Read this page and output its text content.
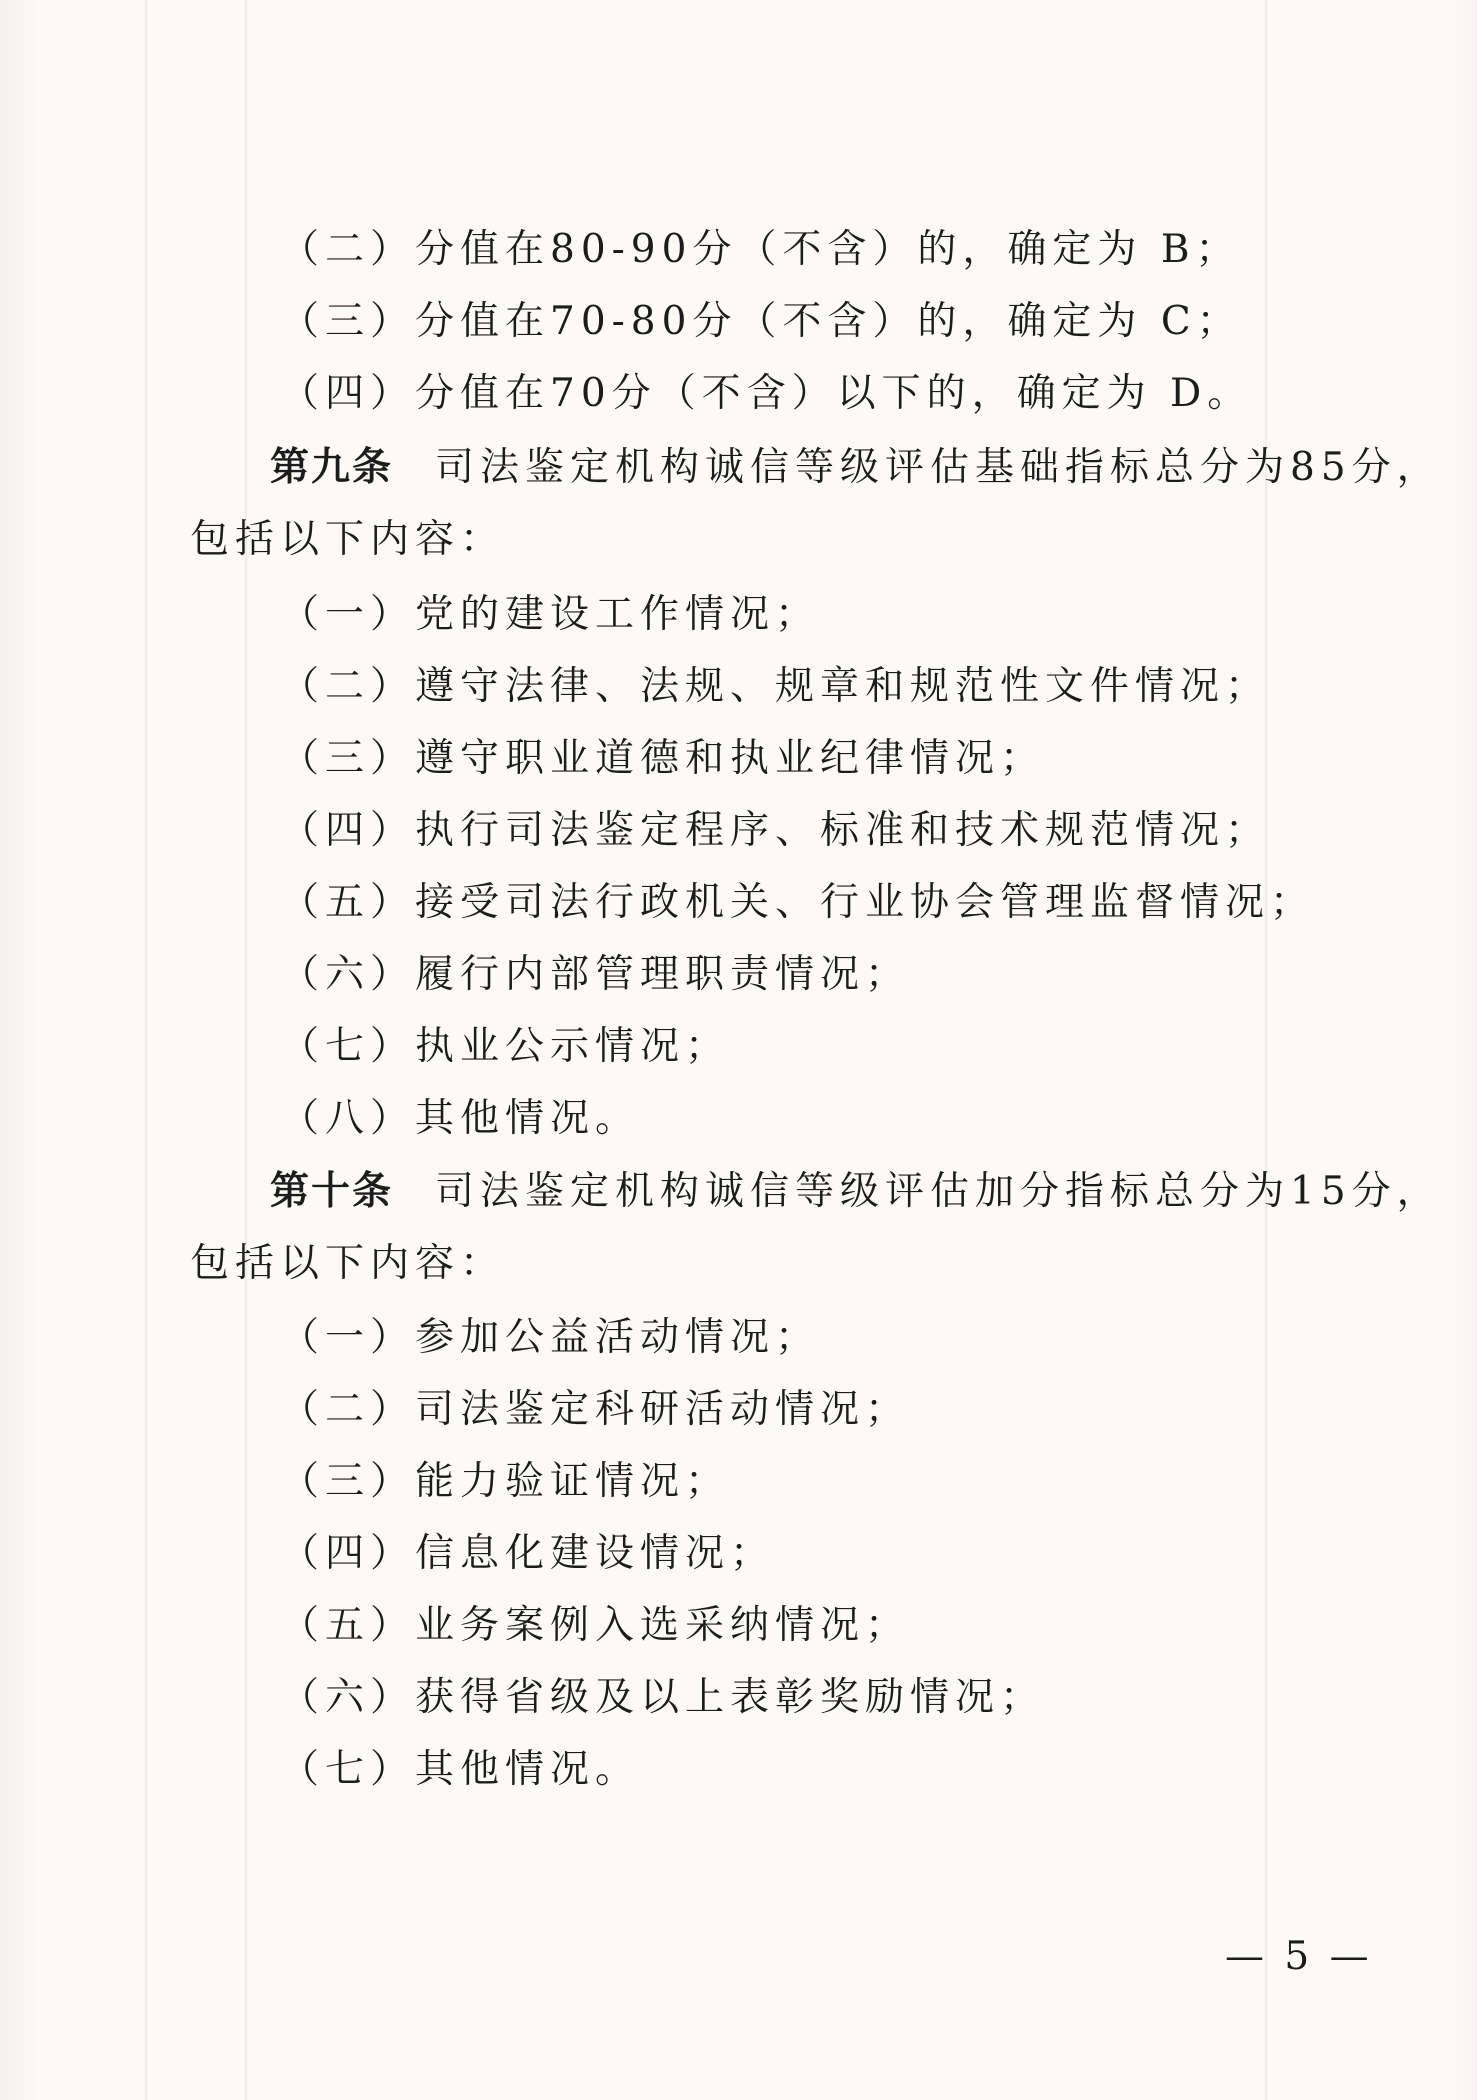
（二）分值在80-90分（不含）的，确定为 B；
（三）分值在70-80分（不含）的，确定为 C；
（四）分值在70分（不含）以下的，确定为 D。
第九条 司法鉴定机构诚信等级评估基础指标总分为85分，
包括以下内容：
（一）党的建设工作情况；
（二）遵守法律、法规、规章和规范性文件情况；
（三）遵守职业道德和执业纪律情况；
（四）执行司法鉴定程序、标准和技术规范情况；
（五）接受司法行政机关、行业协会管理监督情况；
（六）履行内部管理职责情况；
（七）执业公示情况；
（八）其他情况。
第十条 司法鉴定机构诚信等级评估加分指标总分为15分，
包括以下内容：
（一）参加公益活动情况；
（二）司法鉴定科研活动情况；
（三）能力验证情况；
（四）信息化建设情况；
（五）业务案例入选采纳情况；
（六）获得省级及以上表彰奖励情况；
（七）其他情况。
— 5 —
